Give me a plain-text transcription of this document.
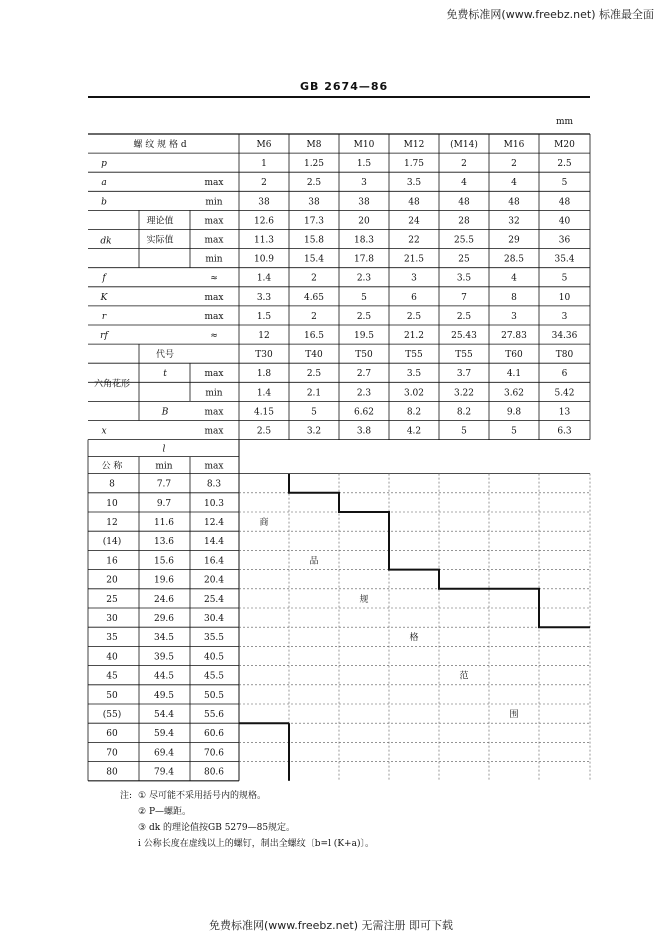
免费标准网(www.freebz.net) 标准最全面
GB 2674—86
mm
螺 纹 规 格 d	M6	M8	M10	M12	(M14)	M16	M20
p	1	1.25	1.5	1.75	2	2	2.5
a	max	2	2.5	3	3.5	4	4	5
b	min	38	38	38	48	48	48	48
理论值	max	12.6	17.3	20	24	28	32	40
实际值	max	11.3	15.8	18.3	22	25.5	29	36
min	10.9	15.4	17.8	21.5	25	28.5	35.4
f	≈	1.4	2	2.3	3	3.5	4	5
K	max	3.3	4.65	5	6	7	8	10
r	max	1.5	2	2.5	2.5	2.5	3	3
rf	≈	12	16.5	19.5	21.2	25.43	27.83	34.36
代号	T30	T40	T50	T55	T55	T60	T80
t	max	1.8	2.5	2.7	3.5	3.7	4.1	6
min	1.4	2.1	2.3	3.02	3.22	3.62	5.42
B	max	4.15	5	6.62	8.2	8.2	9.8	13
x	max	2.5	3.2	3.8	4.2	5	5	6.3
dk
六角花形
l
公 称	min	max
8	7.7	8.3
10	9.7	10.3
12	11.6	12.4
(14)	13.6	14.4
16	15.6	16.4
20	19.6	20.4
25	24.6	25.4
30	29.6	30.4
35	34.5	35.5
40	39.5	40.5
45	44.5	45.5
50	49.5	50.5
(55)	54.4	55.6
60	59.4	60.6
70	69.4	70.6
80	79.4	80.6
商
品
规
格
范
围
注: ①
尽可能不采用括号内的规格。
②
P—螺距。
③
dk 的理论值按GB 5279—85规定。
i
公称长度在虚线以上的螺钉，制出全螺纹〔b=l (K+a)〕。
免费标准网(www.freebz.net) 无需注册 即可下载
